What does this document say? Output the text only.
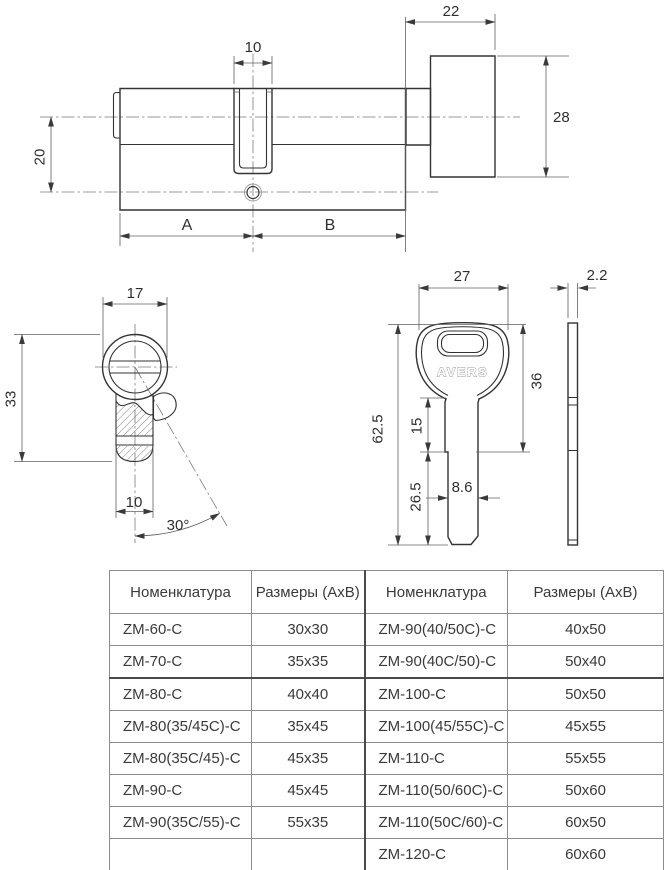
22
10
28
20
A	B
30°
17
33
10
AVERS
27
62.5 15
26.5 8.6
36
2.2
Номенклатура	Размеры (АхВ)	Номенклатура	Размеры (АхВ)
ZM-60-C	30x30	ZM-90(40/50C)-C	40x50
ZM-70-C	35x35	ZM-90(40C/50)-C	50x40
ZM-80-C	40x40	ZM-100-C	50x50
ZM-80(35/45C)-C	35x45	ZM-100(45/55C)-C	45x55
ZM-80(35C/45)-C	45x35	ZM-110-C	55x55
ZM-90-C	45x45	ZM-110(50/60C)-C	50x60
ZM-90(35C/55)-C	55x35	ZM-110(50C/60)-C	60x50
		ZM-120-C	60x60
